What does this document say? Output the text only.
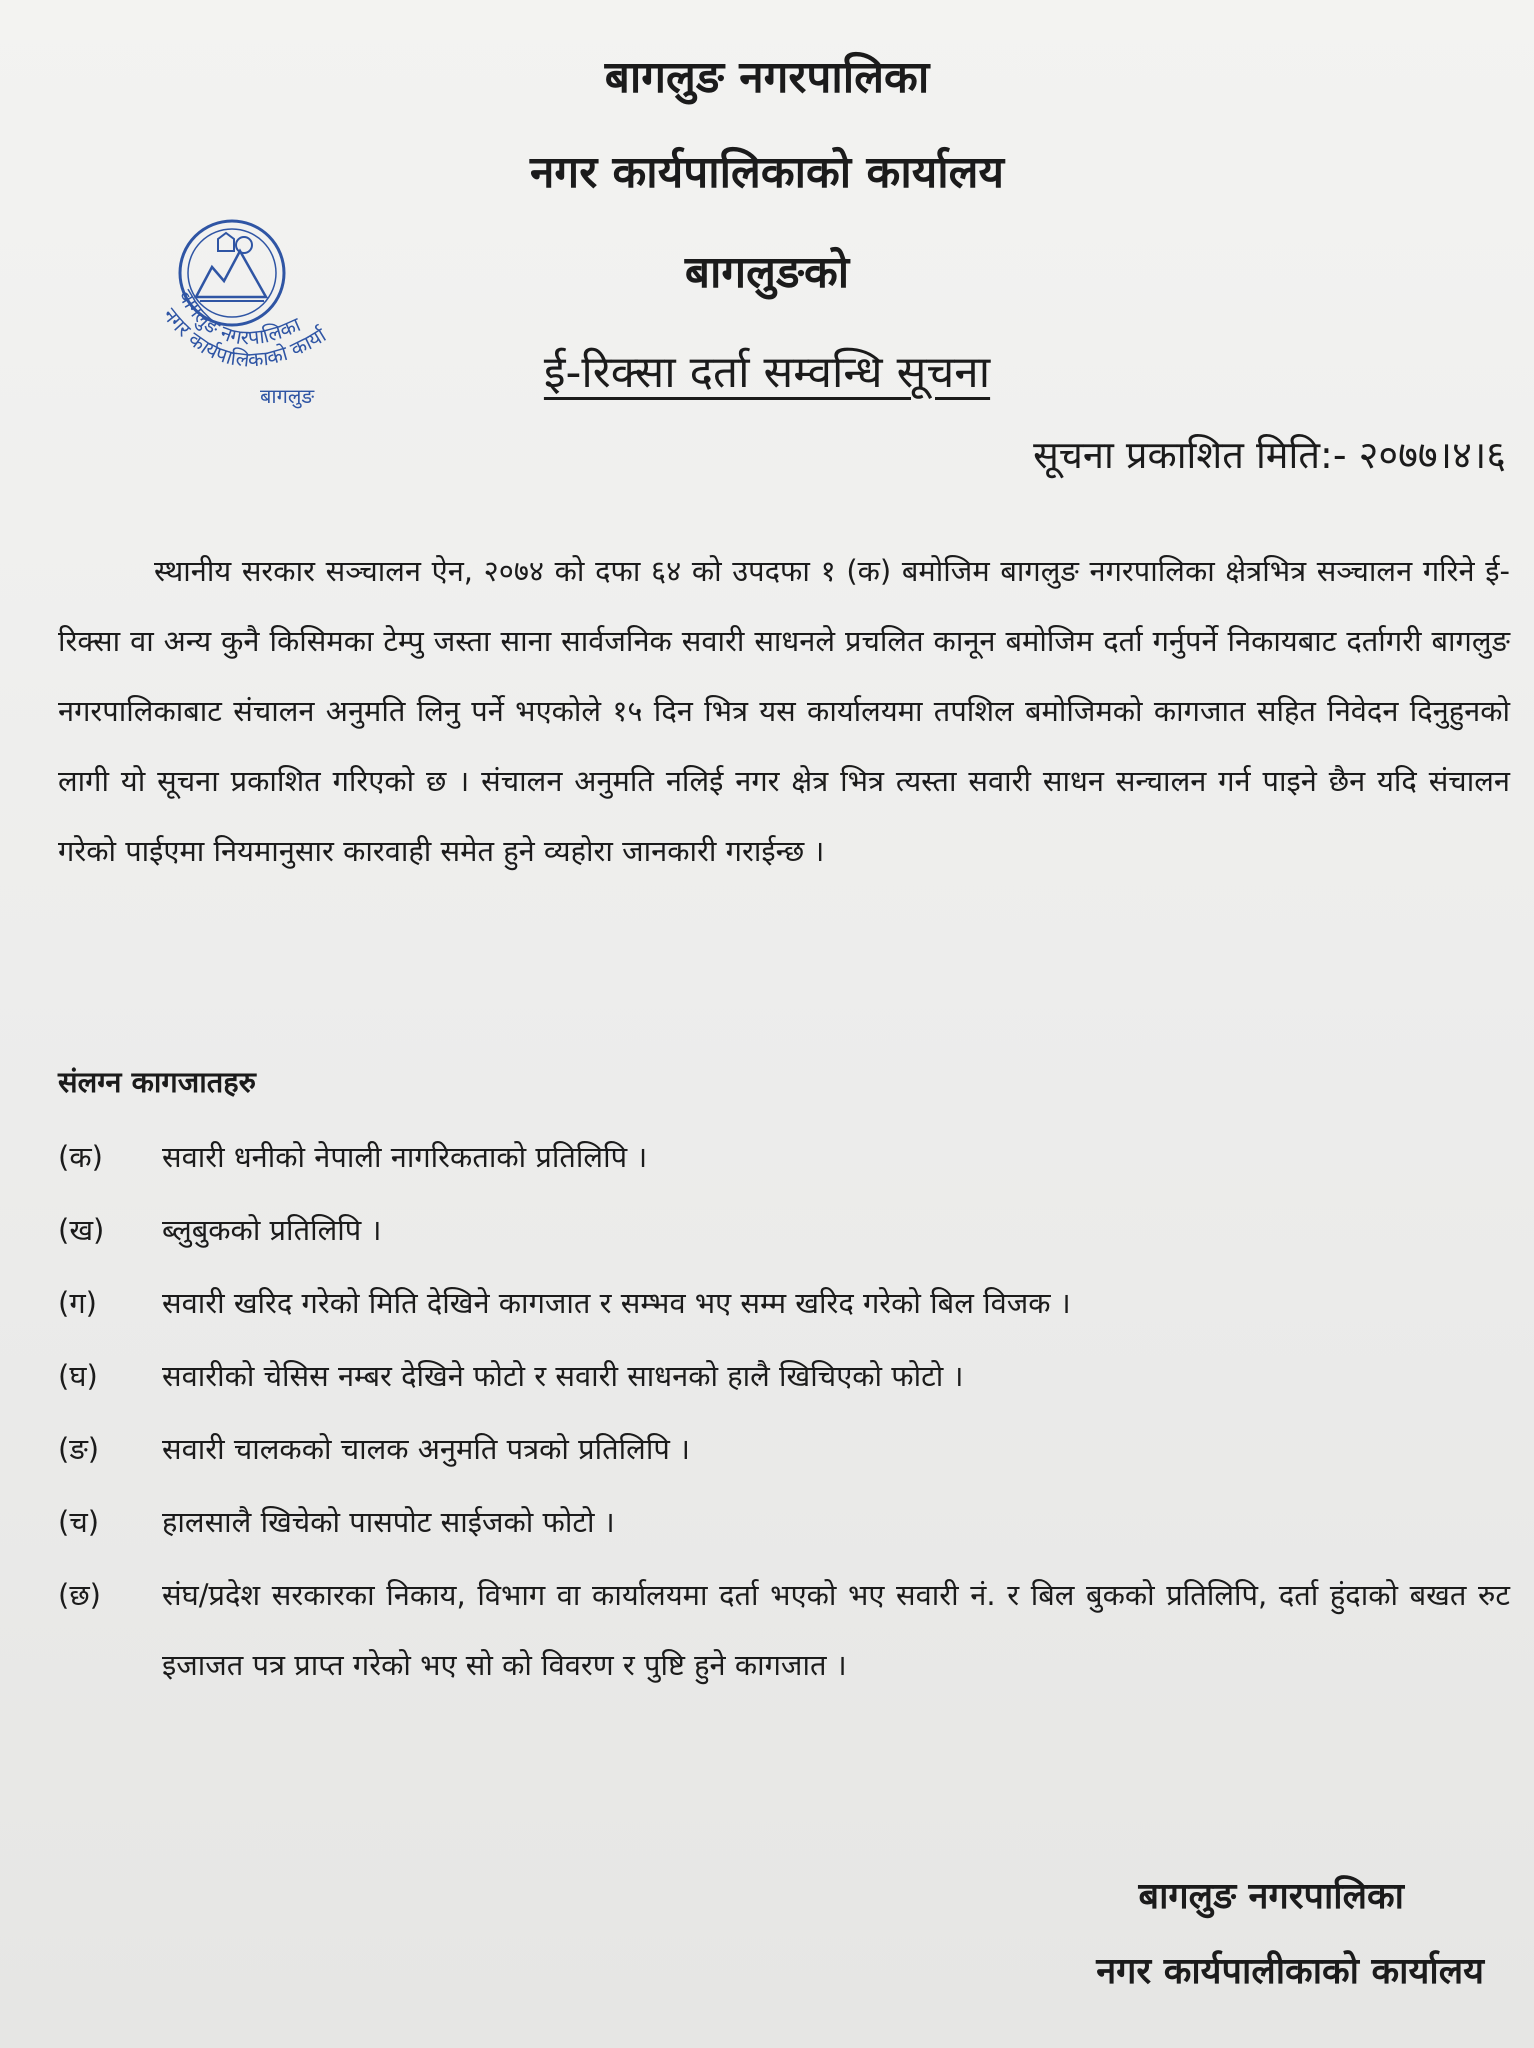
बागलुङ नगरपालिका
नगर कार्यपालिकाको कार्यालय
बागलुङको
ई-रिक्सा दर्ता सम्वन्धि सूचना
बागलुङ नगरपालिका
नगर कार्यपालिकाको कार्या
बागलुङ
सूचना प्रकाशित मिति:- २०७७।४।६
स्थानीय सरकार सञ्चालन ऐन, २०७४ को दफा ६४ को उपदफा १ (क) बमोजिम बागलुङ नगरपालिका क्षेत्रभित्र सञ्चालन गरिने ई-रिक्सा वा अन्य कुनै किसिमका टेम्पु जस्ता साना सार्वजनिक सवारी साधनले प्रचलित कानून बमोजिम दर्ता गर्नुपर्ने निकायबाट दर्तागरी बागलुङ नगरपालिकाबाट संचालन अनुमति लिनु पर्ने भएकोले १५ दिन भित्र यस कार्यालयमा तपशिल बमोजिमको कागजात सहित निवेदन दिनुहुनको लागी यो सूचना प्रकाशित गरिएको छ । संचालन अनुमति नलिई नगर क्षेत्र भित्र त्यस्ता सवारी साधन सन्चालन गर्न पाइने छैन यदि संचालन गरेको पाईएमा नियमानुसार कारवाही समेत हुने व्यहोरा जानकारी गराईन्छ ।
संलग्न कागजातहरु
(क) सवारी धनीको नेपाली नागरिकताको प्रतिलिपि ।
(ख) ब्लुबुकको प्रतिलिपि ।
(ग) सवारी खरिद गरेको मिति देखिने कागजात र सम्भव भए सम्म खरिद गरेको बिल विजक ।
(घ) सवारीको चेसिस नम्बर देखिने फोटो र सवारी साधनको हालै खिचिएको फोटो ।
(ङ) सवारी चालकको चालक अनुमति पत्रको प्रतिलिपि ।
(च) हालसालै खिचेको पासपोट साईजको फोटो ।
(छ) संघ/प्रदेश सरकारका निकाय, विभाग वा कार्यालयमा दर्ता भएको भए सवारी नं. र बिल बुकको प्रतिलिपि, दर्ता हुंदाको बखत रुट इजाजत पत्र प्राप्त गरेको भए सो को विवरण र पुष्टि हुने कागजात ।
बागलुङ नगरपालिका
नगर कार्यपालीकाको कार्यालय
